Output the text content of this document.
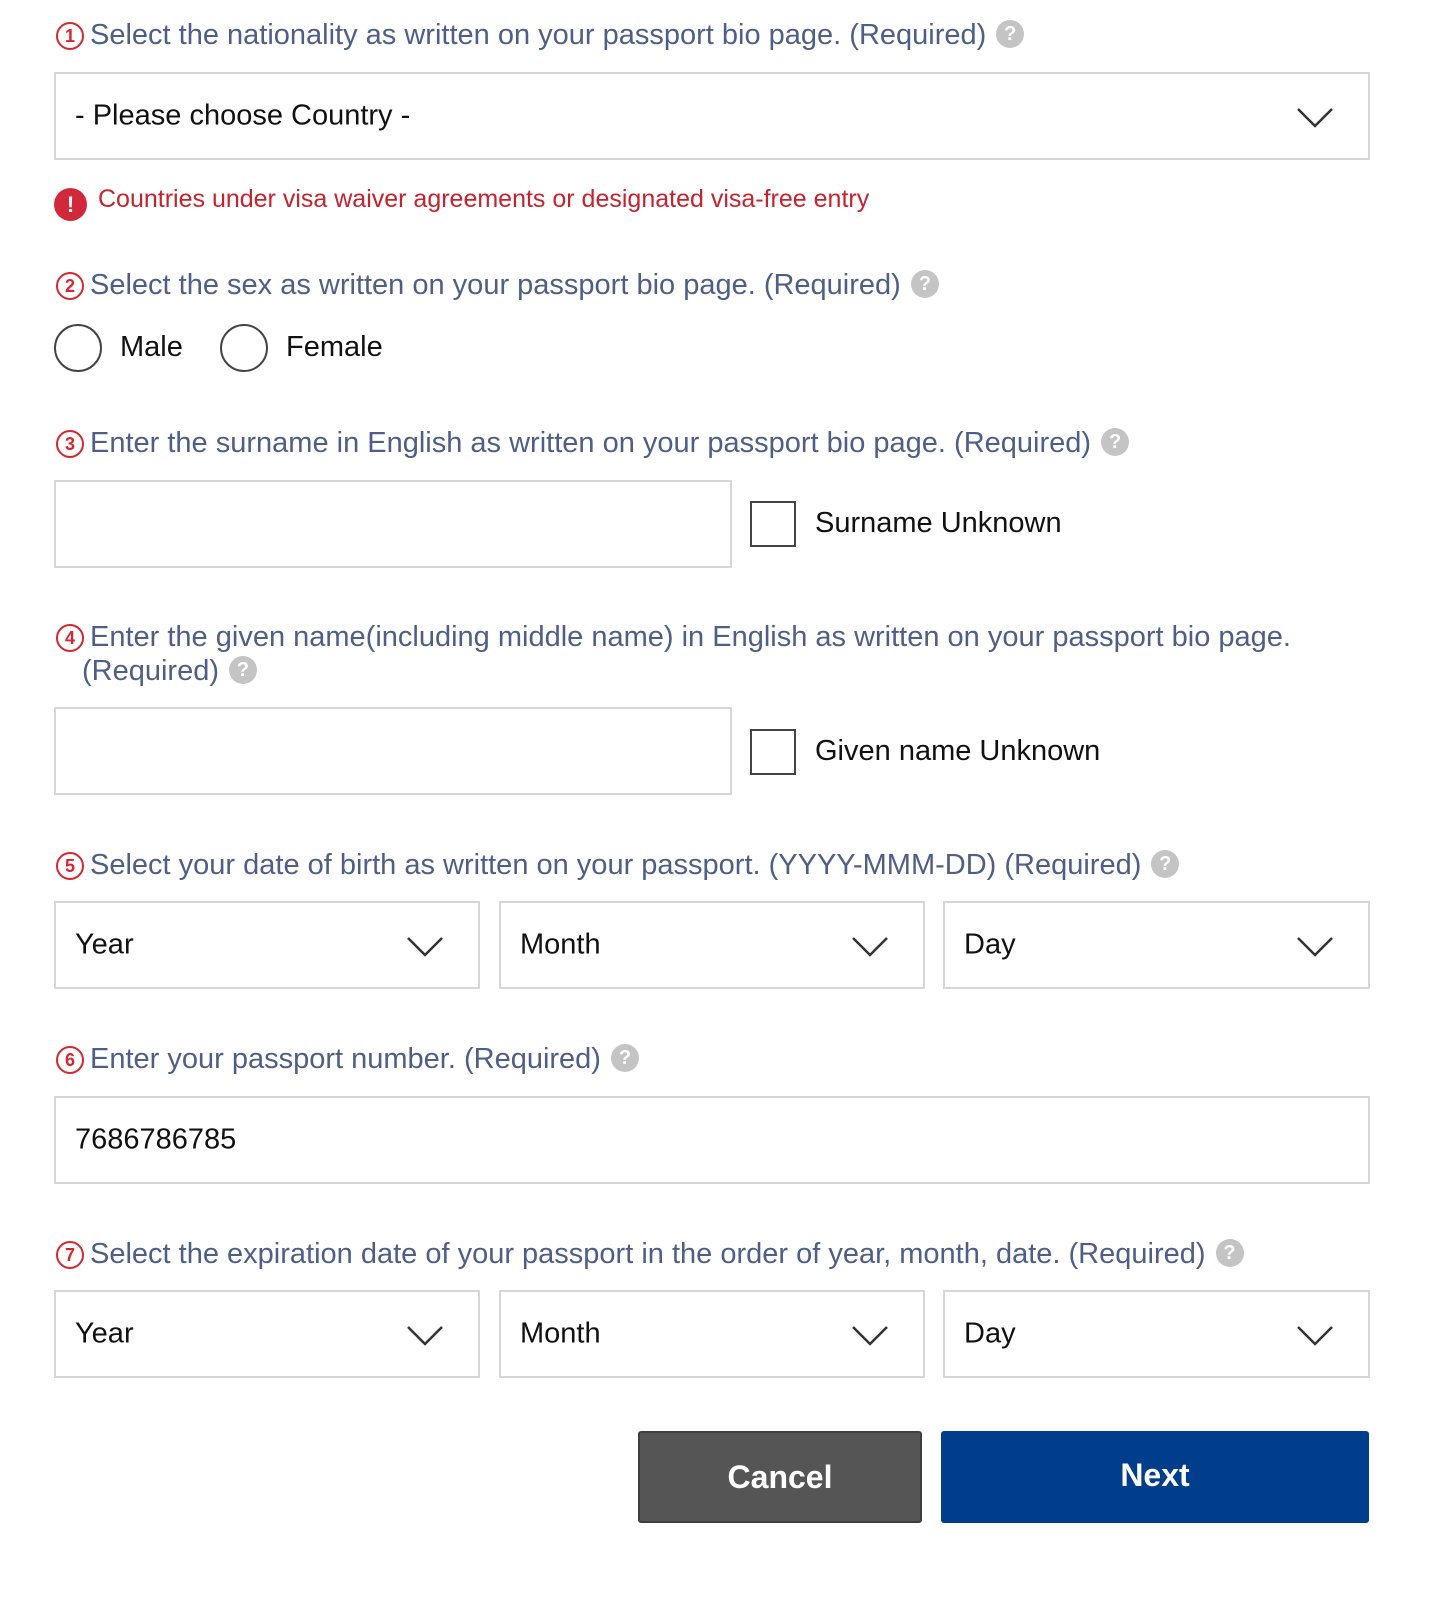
1 Select the nationality as written on your passport bio page. (Required) ?
- Please choose Country -
! Countries under visa waiver agreements or designated visa-free entry
2 Select the sex as written on your passport bio page. (Required) ?
Male	Female
3 Enter the surname in English as written on your passport bio page. (Required) ?
Surname Unknown
4 Enter the given name(including middle name) in English as written on your passport bio page.
(Required) ?
Given name Unknown
5 Select your date of birth as written on your passport. (YYYY-MMM-DD) (Required) ?
Year	Month	Day
6 Enter your passport number. (Required) ?
7686786785
7 Select the expiration date of your passport in the order of year, month, date. (Required) ?
Year	Month	Day
Cancel	Next
